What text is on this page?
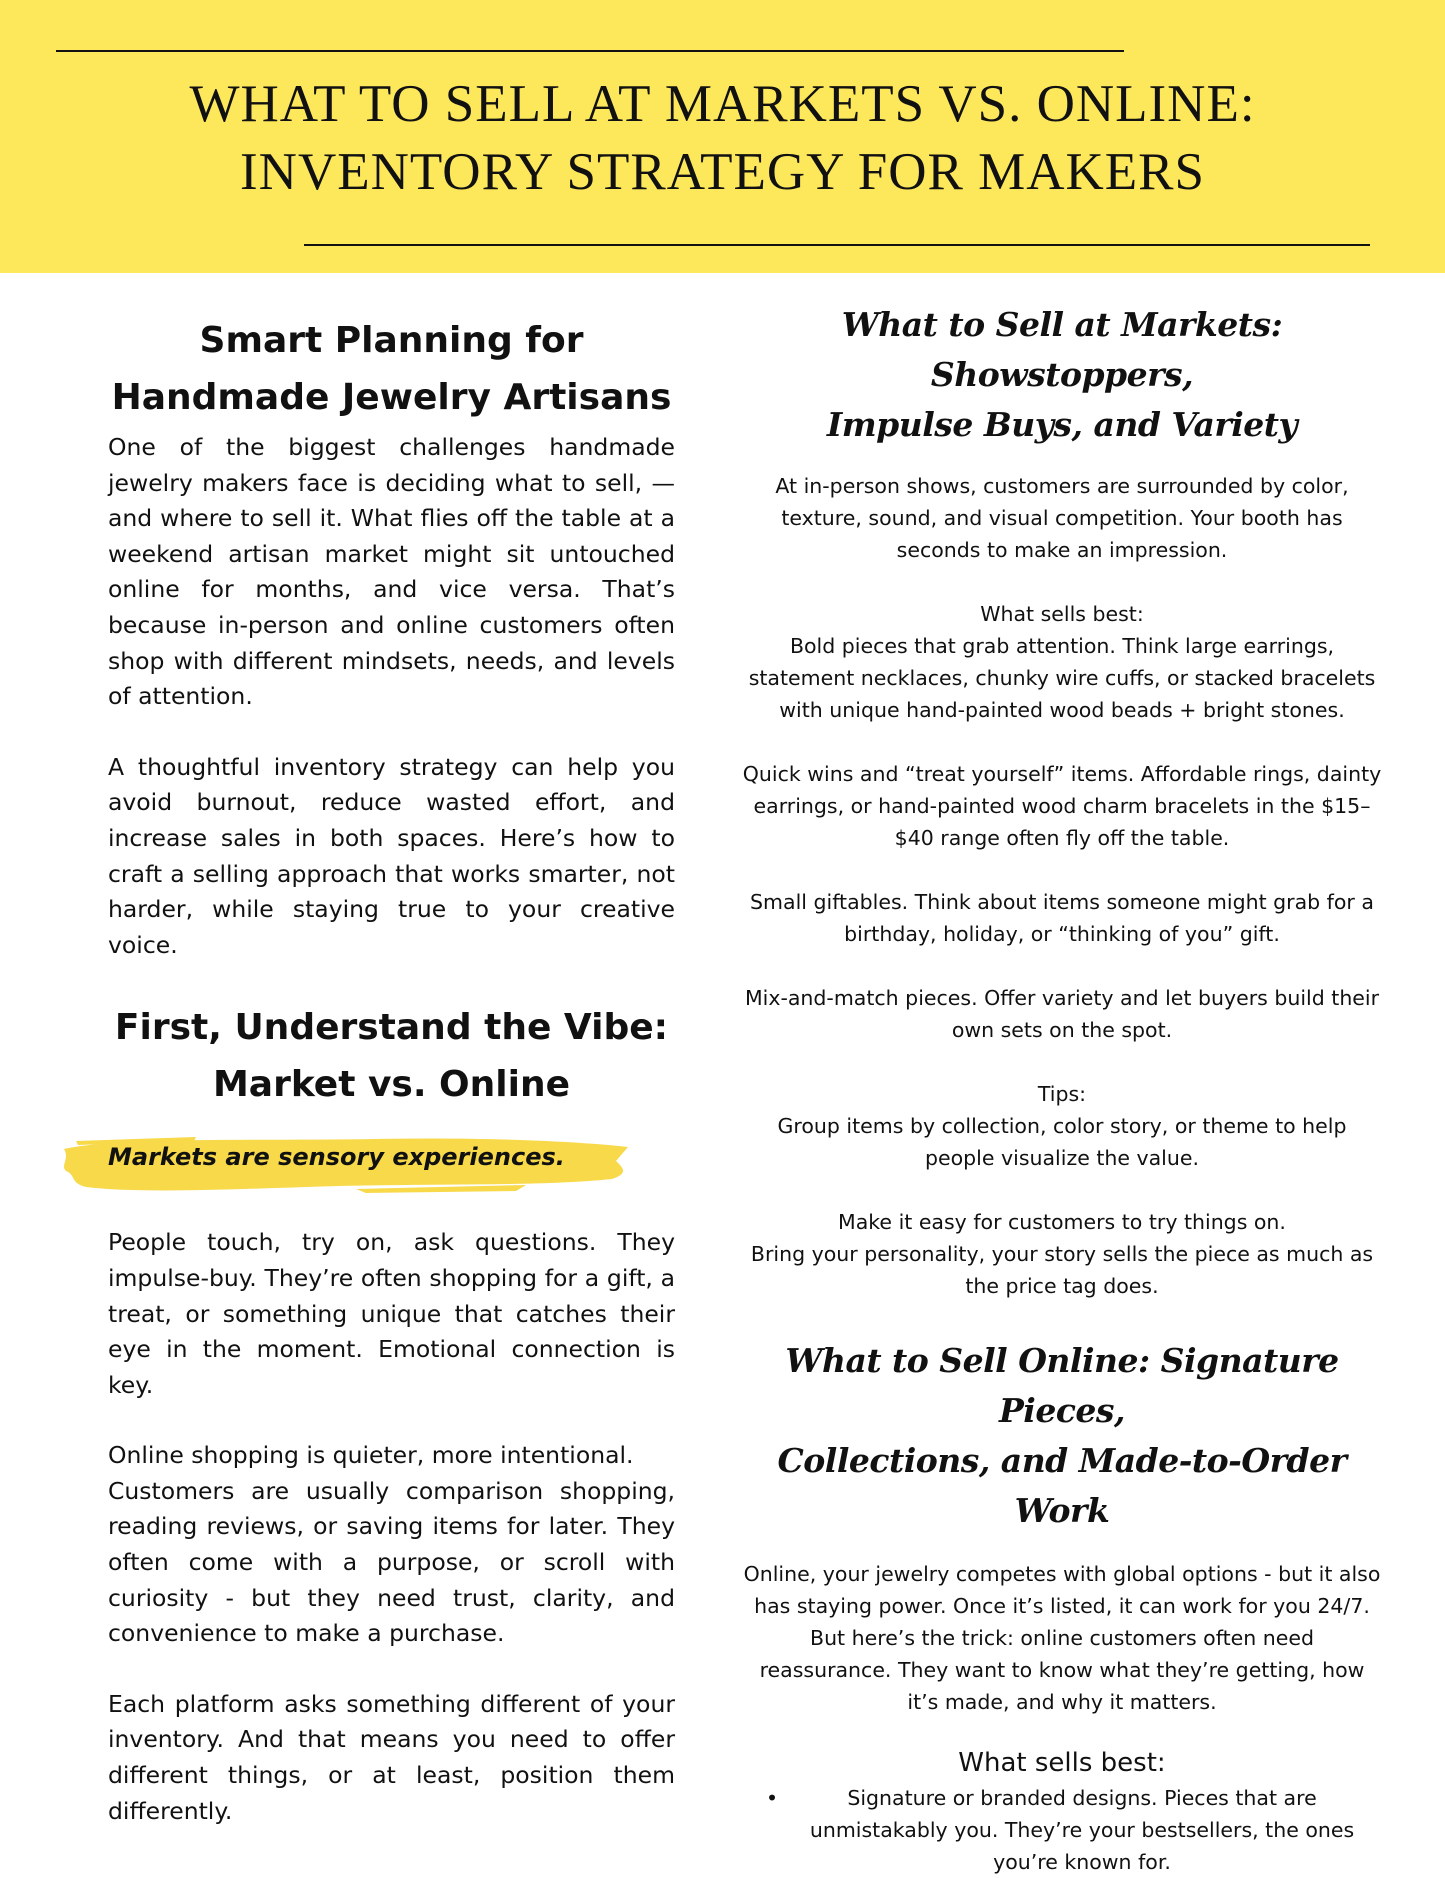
WHAT TO SELL AT MARKETS VS. ONLINE:
INVENTORY STRATEGY FOR MAKERS
Smart Planning for
Handmade Jewelry Artisans

One of the biggest challenges handmade jewelry makers face is deciding what to sell, — and where to sell it. What flies off the table at a weekend artisan market might sit untouched online for months, and vice versa. That’s because in-person and online customers often shop with different mindsets, needs, and levels of attention.

A thoughtful inventory strategy can help you avoid burnout, reduce wasted effort, and increase sales in both spaces. Here’s how to craft a selling approach that works smarter, not harder, while staying true to your creative voice.

First, Understand the Vibe:
Market vs. Online
Markets are sensory experiences.

People touch, try on, ask questions. They impulse-buy. They’re often shopping for a gift, a treat, or something unique that catches their eye in the moment. Emotional connection is key.

Online shopping is quieter, more intentional.

Customers are usually comparison shopping, reading reviews, or saving items for later. They often come with a purpose, or scroll with curiosity - but they need trust, clarity, and convenience to make a purchase.

Each platform asks something different of your inventory. And that means you need to offer different things, or at least, position them differently.

What to Sell at Markets: Showstoppers,
Impulse Buys, and Variety

At in-person shows, customers are surrounded by color, texture, sound, and visual competition. Your booth has seconds to make an impression.

What sells best:

Bold pieces that grab attention. Think large earrings, statement necklaces, chunky wire cuffs, or stacked bracelets with unique hand-painted wood beads + bright stones.

Quick wins and “treat yourself” items. Affordable rings, dainty earrings, or hand-painted wood charm bracelets in the $15–$40 range often fly off the table.

Small giftables. Think about items someone might grab for a birthday, holiday, or “thinking of you” gift.

Mix-and-match pieces. Offer variety and let buyers build their own sets on the spot.

Tips:

Group items by collection, color story, or theme to help people visualize the value.

Make it easy for customers to try things on.

Bring your personality, your story sells the piece as much as the price tag does.

What to Sell Online: Signature Pieces,
Collections, and Made-to-Order Work

Online, your jewelry competes with global options - but it also has staying power. Once it’s listed, it can work for you 24/7. But here’s the trick: online customers often need reassurance. They want to know what they’re getting, how it’s made, and why it matters.

What sells best:

•	Signature or branded designs. Pieces that are unmistakably you. They’re your bestsellers, the ones you’re known for.
